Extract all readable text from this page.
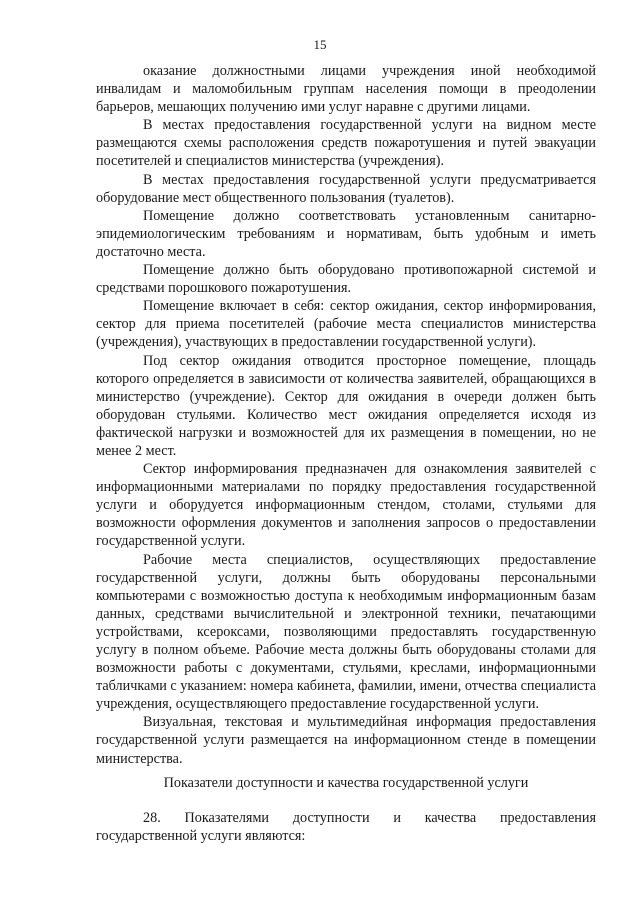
15

оказание должностными лицами учреждения иной необходимой инвалидам и маломобильным группам населения помощи в преодолении барьеров, мешающих получению ими услуг наравне с другими лицами.

В местах предоставления государственной услуги на видном месте размещаются схемы расположения средств пожаротушения и путей эвакуации посетителей и специалистов министерства (учреждения).

В местах предоставления государственной услуги предусматривается оборудование мест общественного пользования (туалетов).

Помещение должно соответствовать установленным санитарно-эпидемиологическим требованиям и нормативам, быть удобным и иметь достаточно места.

Помещение должно быть оборудовано противопожарной системой и средствами порошкового пожаротушения.

Помещение включает в себя: сектор ожидания, сектор информирования, сектор для приема посетителей (рабочие места специалистов министерства (учреждения), участвующих в предоставлении государственной услуги).

Под сектор ожидания отводится просторное помещение, площадь которого определяется в зависимости от количества заявителей, обращающихся в министерство (учреждение). Сектор для ожидания в очереди должен быть оборудован стульями. Количество мест ожидания определяется исходя из фактической нагрузки и возможностей для их размещения в помещении, но не менее 2 мест.

Сектор информирования предназначен для ознакомления заявителей с информационными материалами по порядку предоставления государственной услуги и оборудуется информационным стендом, столами, стульями для возможности оформления документов и заполнения запросов о предоставлении государственной услуги.

Рабочие места специалистов, осуществляющих предоставление государственной услуги, должны быть оборудованы персональными компьютерами с возможностью доступа к необходимым информационным базам данных, средствами вычислительной и электронной техники, печатающими устройствами, ксероксами, позволяющими предоставлять государственную услугу в полном объеме. Рабочие места должны быть оборудованы столами для возможности работы с документами, стульями, креслами, информационными табличками с указанием: номера кабинета, фамилии, имени, отчества специалиста учреждения, осуществляющего предоставление государственной услуги.

Визуальная, текстовая и мультимедийная информация предоставления государственной услуги размещается на информационном стенде в помещении министерства.

Показатели доступности и качества государственной услуги

28. Показателями доступности и качества предоставления государственной услуги являются:
